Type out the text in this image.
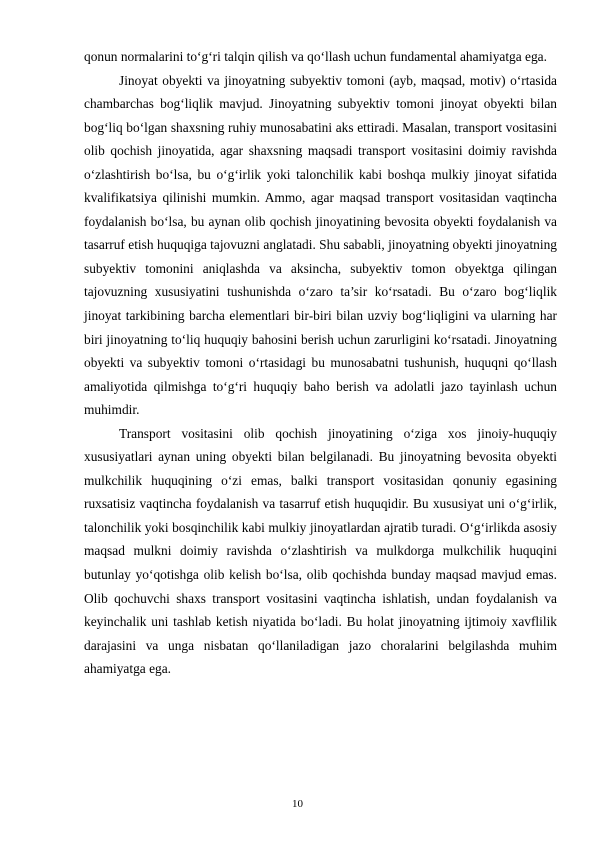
qonun normalarini to‘g‘ri talqin qilish va qo‘llash uchun fundamental ahamiyatga ega.

Jinoyat obyekti va jinoyatning subyektiv tomoni (ayb, maqsad, motiv) o‘rtasida chambarchas bog‘liqlik mavjud. Jinoyatning subyektiv tomoni jinoyat obyekti bilan bog‘liq bo‘lgan shaxsning ruhiy munosabatini aks ettiradi. Masalan, transport vositasini olib qochish jinoyatida, agar shaxsning maqsadi transport vositasini doimiy ravishda o‘zlashtirish bo‘lsa, bu o‘g‘irlik yoki talonchilik kabi boshqa mulkiy jinoyat sifatida kvalifikatsiya qilinishi mumkin. Ammo, agar maqsad transport vositasidan vaqtincha foydalanish bo‘lsa, bu aynan olib qochish jinoyatining bevosita obyekti foydalanish va tasarruf etish huquqiga tajovuzni anglatadi. Shu sababli, jinoyatning obyekti jinoyatning subyektiv tomonini aniqlashda va aksincha, subyektiv tomon obyektga qilingan tajovuzning xususiyatini tushunishda o‘zaro ta’sir ko‘rsatadi. Bu o‘zaro bog‘liqlik jinoyat tarkibining barcha elementlari bir-biri bilan uzviy bog‘liqligini va ularning har biri jinoyatning to‘liq huquqiy bahosini berish uchun zarurligini ko‘rsatadi. Jinoyatning obyekti va subyektiv tomoni o‘rtasidagi bu munosabatni tushunish, huquqni qo‘llash amaliyotida qilmishga to‘g‘ri huquqiy baho berish va adolatli jazo tayinlash uchun muhimdir.

Transport vositasini olib qochish jinoyatining o‘ziga xos jinoiy-huquqiy xususiyatlari aynan uning obyekti bilan belgilanadi. Bu jinoyatning bevosita obyekti mulkchilik huquqining o‘zi emas, balki transport vositasidan qonuniy egasining ruxsatisiz vaqtincha foydalanish va tasarruf etish huquqidir. Bu xususiyat uni o‘g‘irlik, talonchilik yoki bosqinchilik kabi mulkiy jinoyatlardan ajratib turadi. O‘g‘irlikda asosiy maqsad mulkni doimiy ravishda o‘zlashtirish va mulkdorga mulkchilik huquqini butunlay yo‘qotishga olib kelish bo‘lsa, olib qochishda bunday maqsad mavjud emas. Olib qochuvchi shaxs transport vositasini vaqtincha ishlatish, undan foydalanish va keyinchalik uni tashlab ketish niyatida bo‘ladi. Bu holat jinoyatning ijtimoiy xavflilik darajasini va unga nisbatan qo‘llaniladigan jazo choralarini belgilashda muhim ahamiyatga ega.

10
